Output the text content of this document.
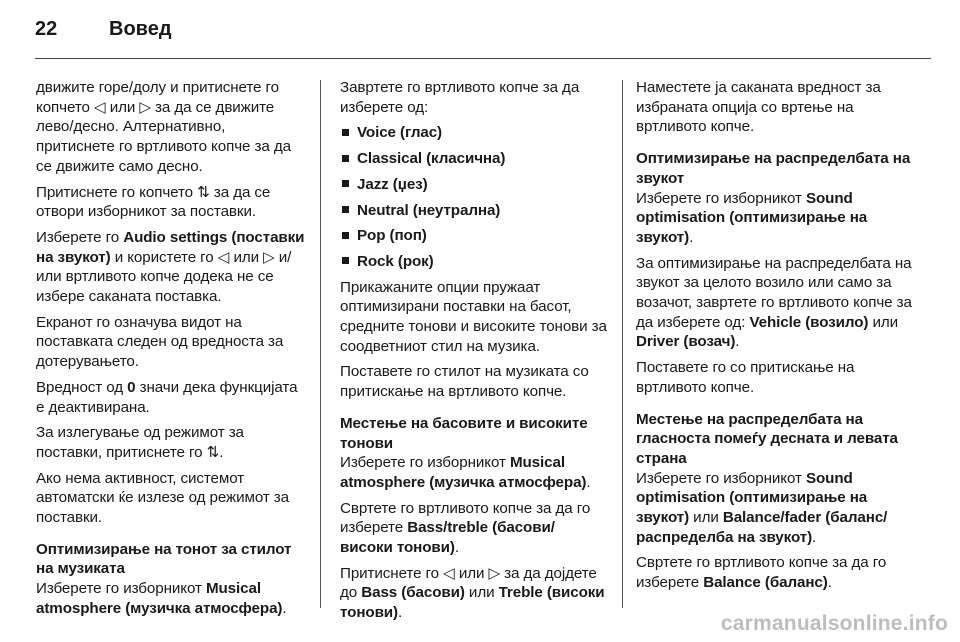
22	Вовед

движите горе/долу и притиснете го копчето ◁ или ▷ за да се движите лево/десно. Алтернативно, притиснете го вртливото копче за да се движите само десно.

Притиснете го копчето ⇅ за да се отвори изборникот за поставки.

Изберете го Audio settings (поставки на звукот) и користете го ◁ или ▷ и/или вртливото копче додека не се избере саканата поставка.

Екранот го означува видот на поставката следен од вредноста за дотерувањето.

Вредност од 0 значи дека функцијата е деактивирана.

За излегување од режимот за поставки, притиснете го ⇅.

Ако нема активност, системот автоматски ќе излезе од режимот за поставки.

Оптимизирање на тонот за стилот на музиката

Изберете го изборникот Musical atmosphere (музичка атмосфера).

Завртете го вртливото копче за да изберете од:

Voice (глас)
Classical (класична)
Jazz (џез)
Neutral (неутрална)
Pop (поп)
Rock (рок)

Прикажаните опции пружаат оптимизирани поставки на басот, средните тонови и високите тонови за соодветниот стил на музика.

Поставете го стилот на музиката со притискање на вртливото копче.

Местење на басовите и високите тонови

Изберете го изборникот Musical atmosphere (музичка атмосфера).

Свртете го вртливото копче за да го изберете Bass/treble (басови/ високи тонови).

Притиснете го ◁ или ▷ за да дојдете до Bass (басови) или Treble (високи тонови).

Наместете ја саканата вредност за избраната опција со вртење на вртливото копче.

Оптимизирање на распределбата на звукот

Изберете го изборникот Sound optimisation (оптимизирање на звукот).

За оптимизирање на распределбата на звукот за целото возило или само за возачот, завртете го вртливото копче за да изберете од: Vehicle (возило) или Driver (возач).

Поставете го со притискање на вртливото копче.

Местење на распределбата на гласноста помеѓу десната и левата страна

Изберете го изборникот Sound optimisation (оптимизирање на звукот) или Balance/fader (баланс/ распределба на звукот).

Свртете го вртливото копче за да го изберете Balance (баланс).

carmanualsonline.info
